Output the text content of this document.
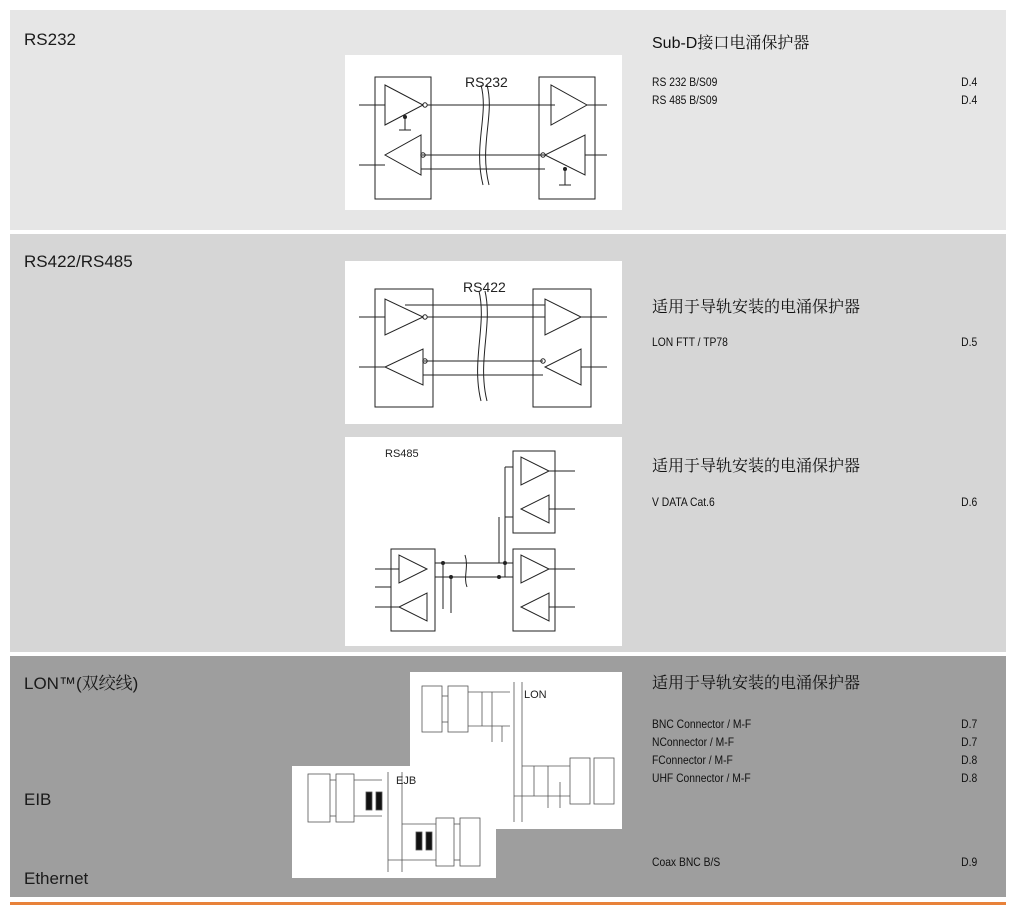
RS232
RS232
Sub-D接口电涌保护器
RS 232 B/S09	D.4
RS 485 B/S09	D.4
RS422/RS485
RS422
RS485
适用于导轨安装的电涌保护器
LON FTT / TP78	D.5
适用于导轨安装的电涌保护器
V DATA Cat.6	D.6
LON™(双绞线)
EIB
Ethernet
LON
EJB
适用于导轨安装的电涌保护器
BNC Connector / M-F	D.7
NConnector / M-F	D.7
FConnector / M-F	D.8
UHF Connector / M-F	D.8
Coax BNC B/S	D.9
